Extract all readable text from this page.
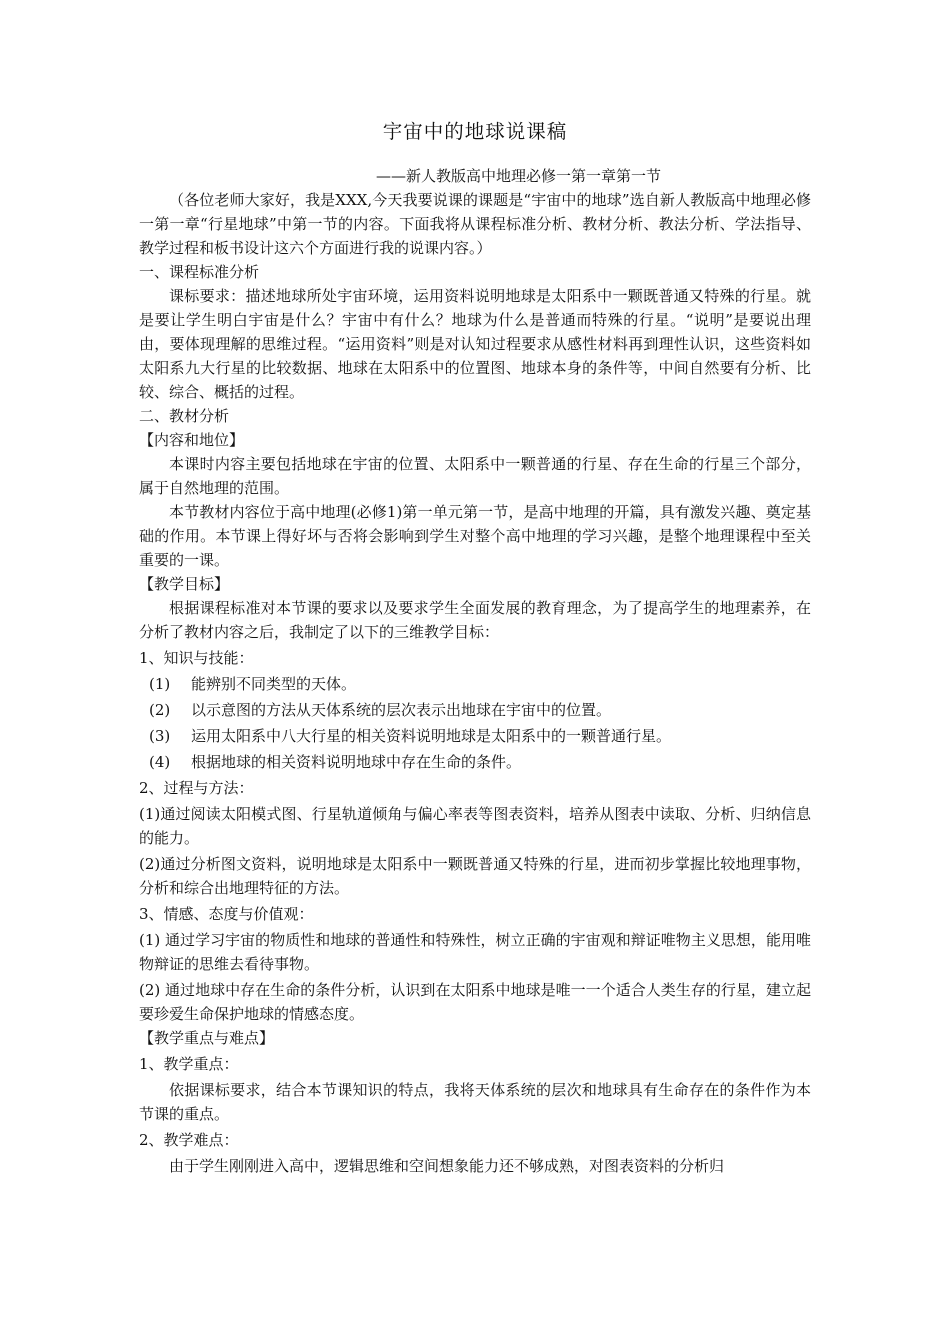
宇宙中的地球说课稿

——新人教版高中地理必修一第一章第一节

（各位老师大家好，我是XXX,今天我要说课的课题是“宇宙中的地球”选自新人教版高中地理必修一第一章“行星地球”中第一节的内容。下面我将从课程标准分析、教材分析、教法分析、学法指导、教学过程和板书设计这六个方面进行我的说课内容。）

一、课程标准分析

课标要求：描述地球所处宇宙环境，运用资料说明地球是太阳系中一颗既普通又特殊的行星。就是要让学生明白宇宙是什么？宇宙中有什么？地球为什么是普通而特殊的行星。“说明”是要说出理由，要体现理解的思维过程。“运用资料”则是对认知过程要求从感性材料再到理性认识，这些资料如太阳系九大行星的比较数据、地球在太阳系中的位置图、地球本身的条件等，中间自然要有分析、比较、综合、概括的过程。

二、教材分析

【内容和地位】

本课时内容主要包括地球在宇宙的位置、太阳系中一颗普通的行星、存在生命的行星三个部分，属于自然地理的范围。

本节教材内容位于高中地理(必修1)第一单元第一节，是高中地理的开篇，具有激发兴趣、奠定基础的作用。本节课上得好坏与否将会影响到学生对整个高中地理的学习兴趣，是整个地理课程中至关重要的一课。

【教学目标】

根据课程标准对本节课的要求以及要求学生全面发展的教育理念，为了提高学生的地理素养，在分析了教材内容之后，我制定了以下的三维教学目标：

1、知识与技能：

(1) 能辨别不同类型的天体。

(2) 以示意图的方法从天体系统的层次表示出地球在宇宙中的位置。

(3) 运用太阳系中八大行星的相关资料说明地球是太阳系中的一颗普通行星。

(4) 根据地球的相关资料说明地球中存在生命的条件。

2、过程与方法：

(1)通过阅读太阳模式图、行星轨道倾角与偏心率表等图表资料，培养从图表中读取、分析、归纳信息的能力。

(2)通过分析图文资料，说明地球是太阳系中一颗既普通又特殊的行星，进而初步掌握比较地理事物，分析和综合出地理特征的方法。

3、情感、态度与价值观：

(1) 通过学习宇宙的物质性和地球的普通性和特殊性，树立正确的宇宙观和辩证唯物主义思想，能用唯物辩证的思维去看待事物。

(2) 通过地球中存在生命的条件分析，认识到在太阳系中地球是唯一一个适合人类生存的行星，建立起要珍爱生命保护地球的情感态度。

【教学重点与难点】

1、教学重点：

依据课标要求，结合本节课知识的特点，我将天体系统的层次和地球具有生命存在的条件作为本节课的重点。

2、教学难点：

由于学生刚刚进入高中，逻辑思维和空间想象能力还不够成熟，对图表资料的分析归
